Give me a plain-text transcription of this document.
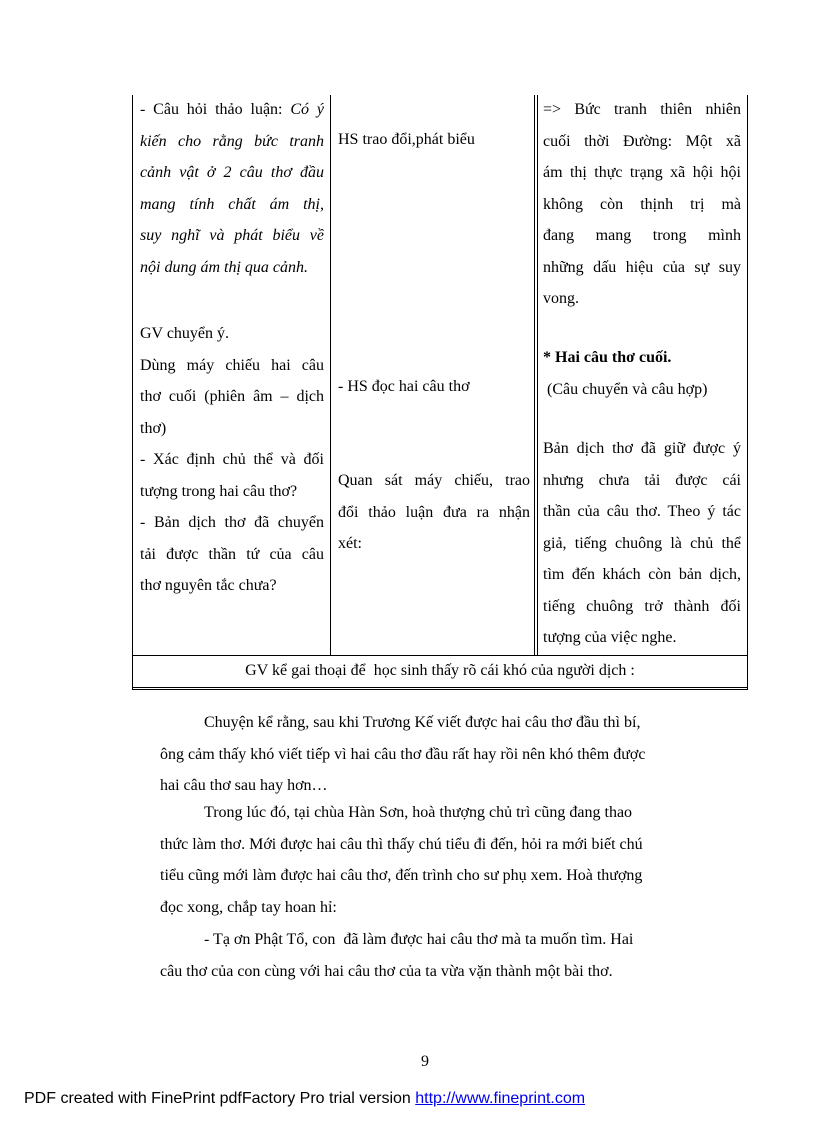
- Câu hỏi thảo luận: Có ý
kiến cho rằng bức tranh
cảnh vật ở 2 câu thơ đầu
mang tính chất ám thị,
suy nghĩ và phát biểu về
nội dung ám thị qua cảnh.
GV chuyển ý.
Dùng máy chiếu hai câu
thơ cuối (phiên âm – dịch
thơ)
- Xác định chủ thể và đối
tượng trong hai câu thơ?
- Bản dịch thơ đã chuyển
tải được thần tứ của câu
thơ nguyên tắc chưa?
HS trao đổi,phát biểu
- HS đọc hai câu thơ
Quan sát máy chiếu, trao
đổi thảo luận đưa ra nhận
xét:
=> Bức tranh thiên nhiên
cuối thời Đường: Một xã
ám thị thực trạng xã hội hội
không còn thịnh trị mà
đang mang trong mình
những dấu hiệu của sự suy
vong.
* Hai câu thơ cuối.
(Câu chuyển và câu hợp)
Bản dịch thơ đã giữ được ý
nhưng chưa tải được cái
thần của câu thơ. Theo ý tác
giả, tiếng chuông là chủ thể
tìm đến khách còn bản dịch,
tiếng chuông trở thành đối
tượng của việc nghe.
GV kể gai thoại để  học sinh thấy rõ cái khó của người dịch :
Chuyện kể rằng, sau khi Trương Kế viết được hai câu thơ đầu thì bí,
ông cảm thấy khó viết tiếp vì hai câu thơ đầu rất hay rồi nên khó thêm được
hai câu thơ sau hay hơn…
Trong lúc đó, tại chùa Hàn Sơn, hoà thượng chủ trì cũng đang thao
thức làm thơ. Mới được hai câu thì thấy chú tiểu đi đến, hỏi ra mới biết chú
tiểu cũng mới làm được hai câu thơ, đến trình cho sư phụ xem. Hoà thượng
đọc xong, chắp tay hoan hỉ:
- Tạ ơn Phật Tổ, con  đã làm được hai câu thơ mà ta muốn tìm. Hai
câu thơ của con cùng với hai câu thơ của ta vừa vặn thành một bài thơ.
9
PDF created with FinePrint pdfFactory Pro trial version http://www.fineprint.com
